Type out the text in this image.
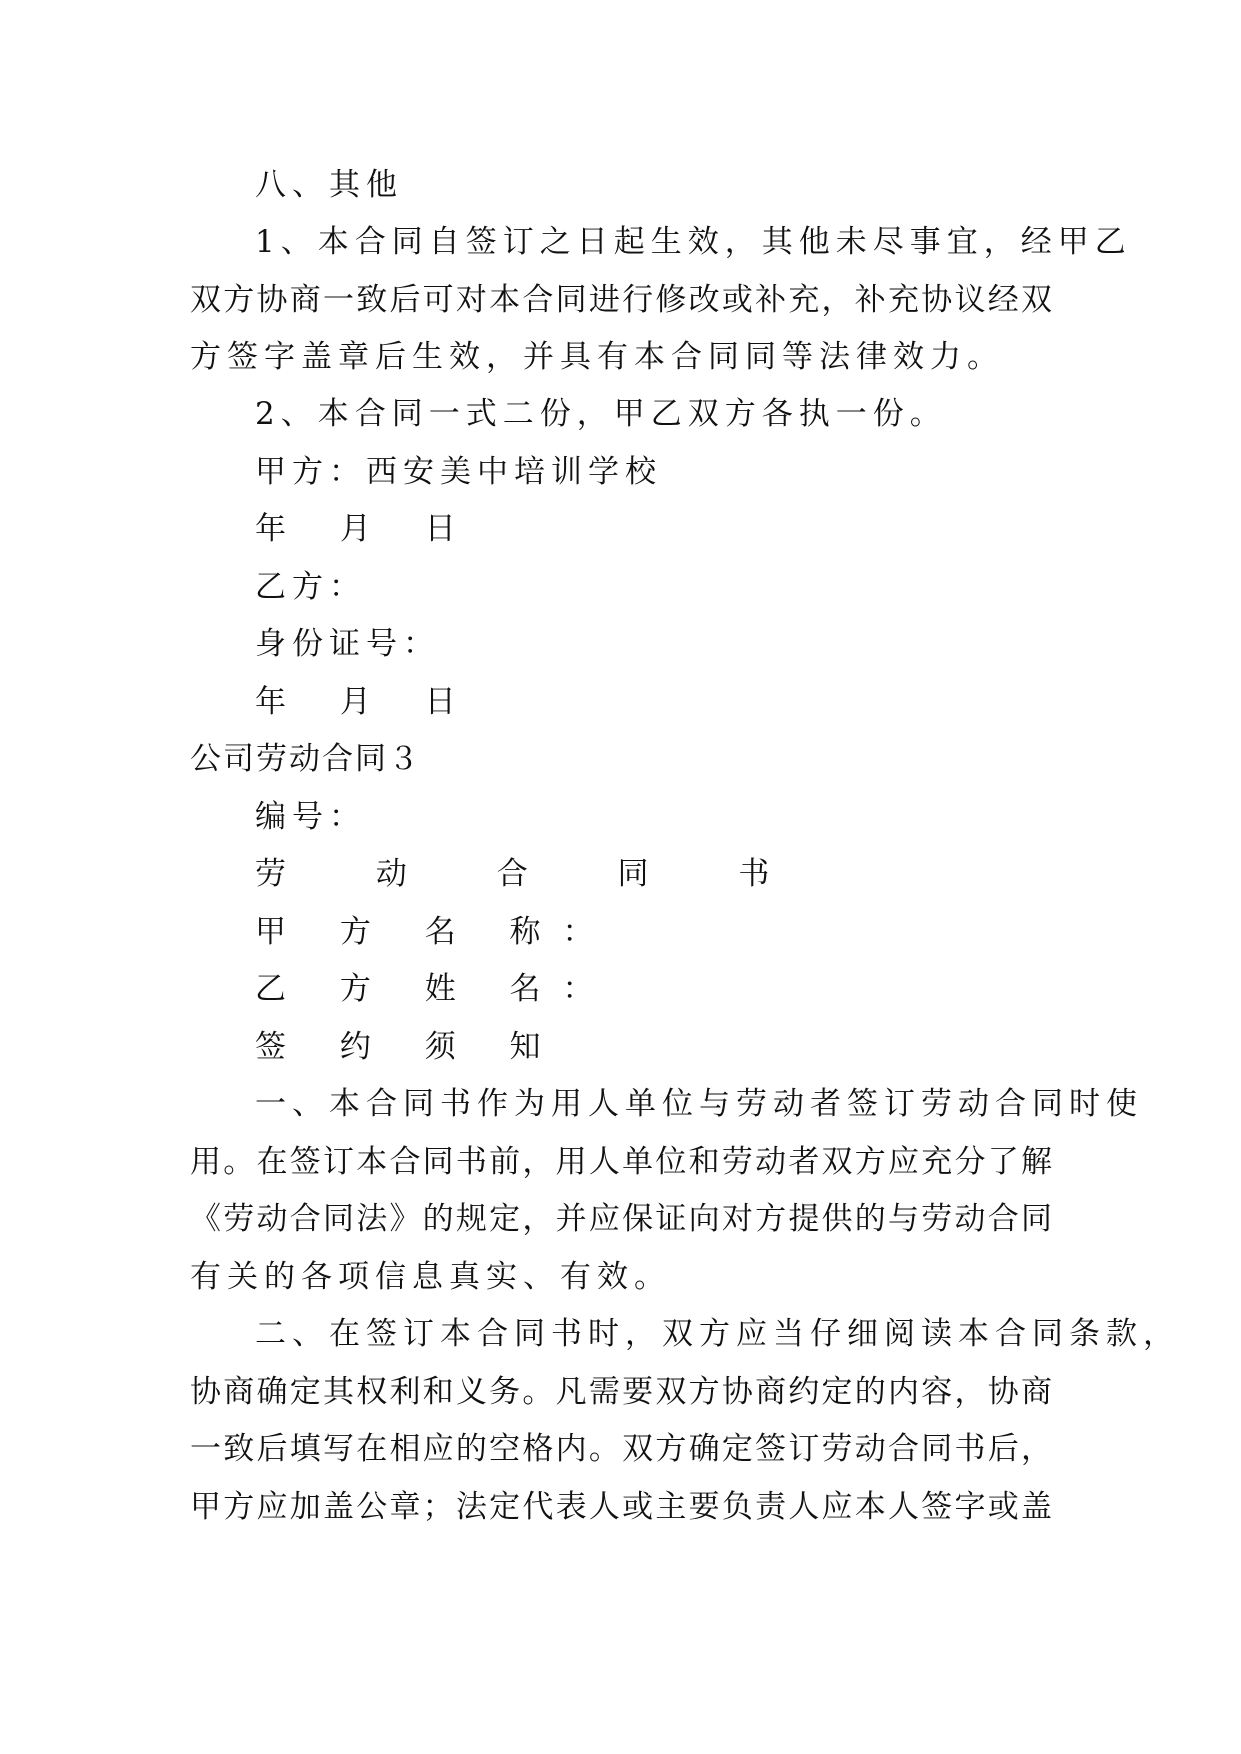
八、其他
1、本合同自签订之日起生效，其他未尽事宜，经甲乙
双方协商一致后可对本合同进行修改或补充，补充协议经双
方签字盖章后生效，并具有本合同同等法律效力。
2、本合同一式二份，甲乙双方各执一份。
甲方：西安美中培训学校
年 月 日
乙方：
身份证号：
年 月 日
公司劳动合同３
编号：
劳 动 合 同 书
甲 方 名 称：
乙 方 姓 名：
签 约 须 知
一、本合同书作为用人单位与劳动者签订劳动合同时使
用。在签订本合同书前，用人单位和劳动者双方应充分了解
《劳动合同法》的规定，并应保证向对方提供的与劳动合同
有关的各项信息真实、有效。
二、在签订本合同书时，双方应当仔细阅读本合同条款，
协商确定其权利和义务。凡需要双方协商约定的内容，协商
一致后填写在相应的空格内。双方确定签订劳动合同书后，
甲方应加盖公章；法定代表人或主要负责人应本人签字或盖
